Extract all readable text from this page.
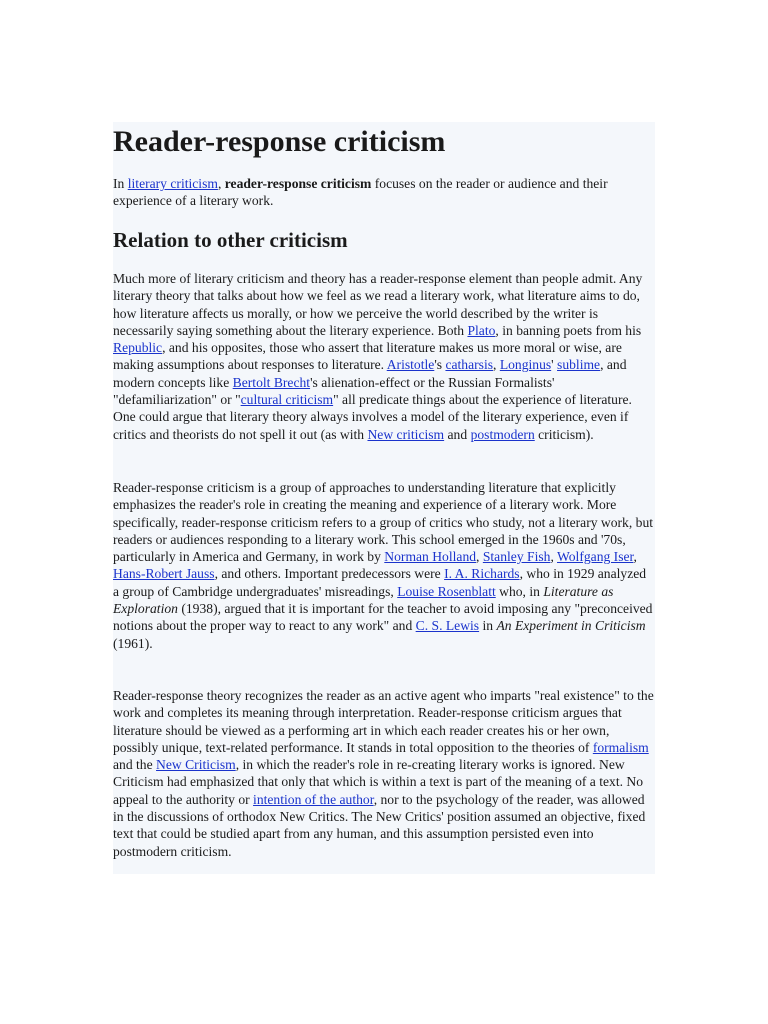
Reader-response criticism

In literary criticism, reader-response criticism focuses on the reader or audience and their experience of a literary work.

Relation to other criticism

Much more of literary criticism and theory has a reader-response element than people admit. Any literary theory that talks about how we feel as we read a literary work, what literature aims to do, how literature affects us morally, or how we perceive the world described by the writer is necessarily saying something about the literary experience. Both Plato, in banning poets from his Republic, and his opposites, those who assert that literature makes us more moral or wise, are making assumptions about responses to literature. Aristotle's catharsis, Longinus' sublime, and modern concepts like Bertolt Brecht's alienation-effect or the Russian Formalists' "defamiliarization" or "cultural criticism" all predicate things about the experience of literature. One could argue that literary theory always involves a model of the literary experience, even if critics and theorists do not spell it out (as with New criticism and postmodern criticism).

Reader-response criticism is a group of approaches to understanding literature that explicitly emphasizes the reader's role in creating the meaning and experience of a literary work. More specifically, reader-response criticism refers to a group of critics who study, not a literary work, but readers or audiences responding to a literary work. This school emerged in the 1960s and '70s, particularly in America and Germany, in work by Norman Holland, Stanley Fish, Wolfgang Iser, Hans-Robert Jauss, and others. Important predecessors were I. A. Richards, who in 1929 analyzed a group of Cambridge undergraduates' misreadings, Louise Rosenblatt who, in Literature as Exploration (1938), argued that it is important for the teacher to avoid imposing any "preconceived notions about the proper way to react to any work" and C. S. Lewis in An Experiment in Criticism (1961).

Reader-response theory recognizes the reader as an active agent who imparts "real existence" to the work and completes its meaning through interpretation. Reader-response criticism argues that literature should be viewed as a performing art in which each reader creates his or her own, possibly unique, text-related performance. It stands in total opposition to the theories of formalism and the New Criticism, in which the reader's role in re-creating literary works is ignored. New Criticism had emphasized that only that which is within a text is part of the meaning of a text. No appeal to the authority or intention of the author, nor to the psychology of the reader, was allowed in the discussions of orthodox New Critics. The New Critics' position assumed an objective, fixed text that could be studied apart from any human, and this assumption persisted even into postmodern criticism.
